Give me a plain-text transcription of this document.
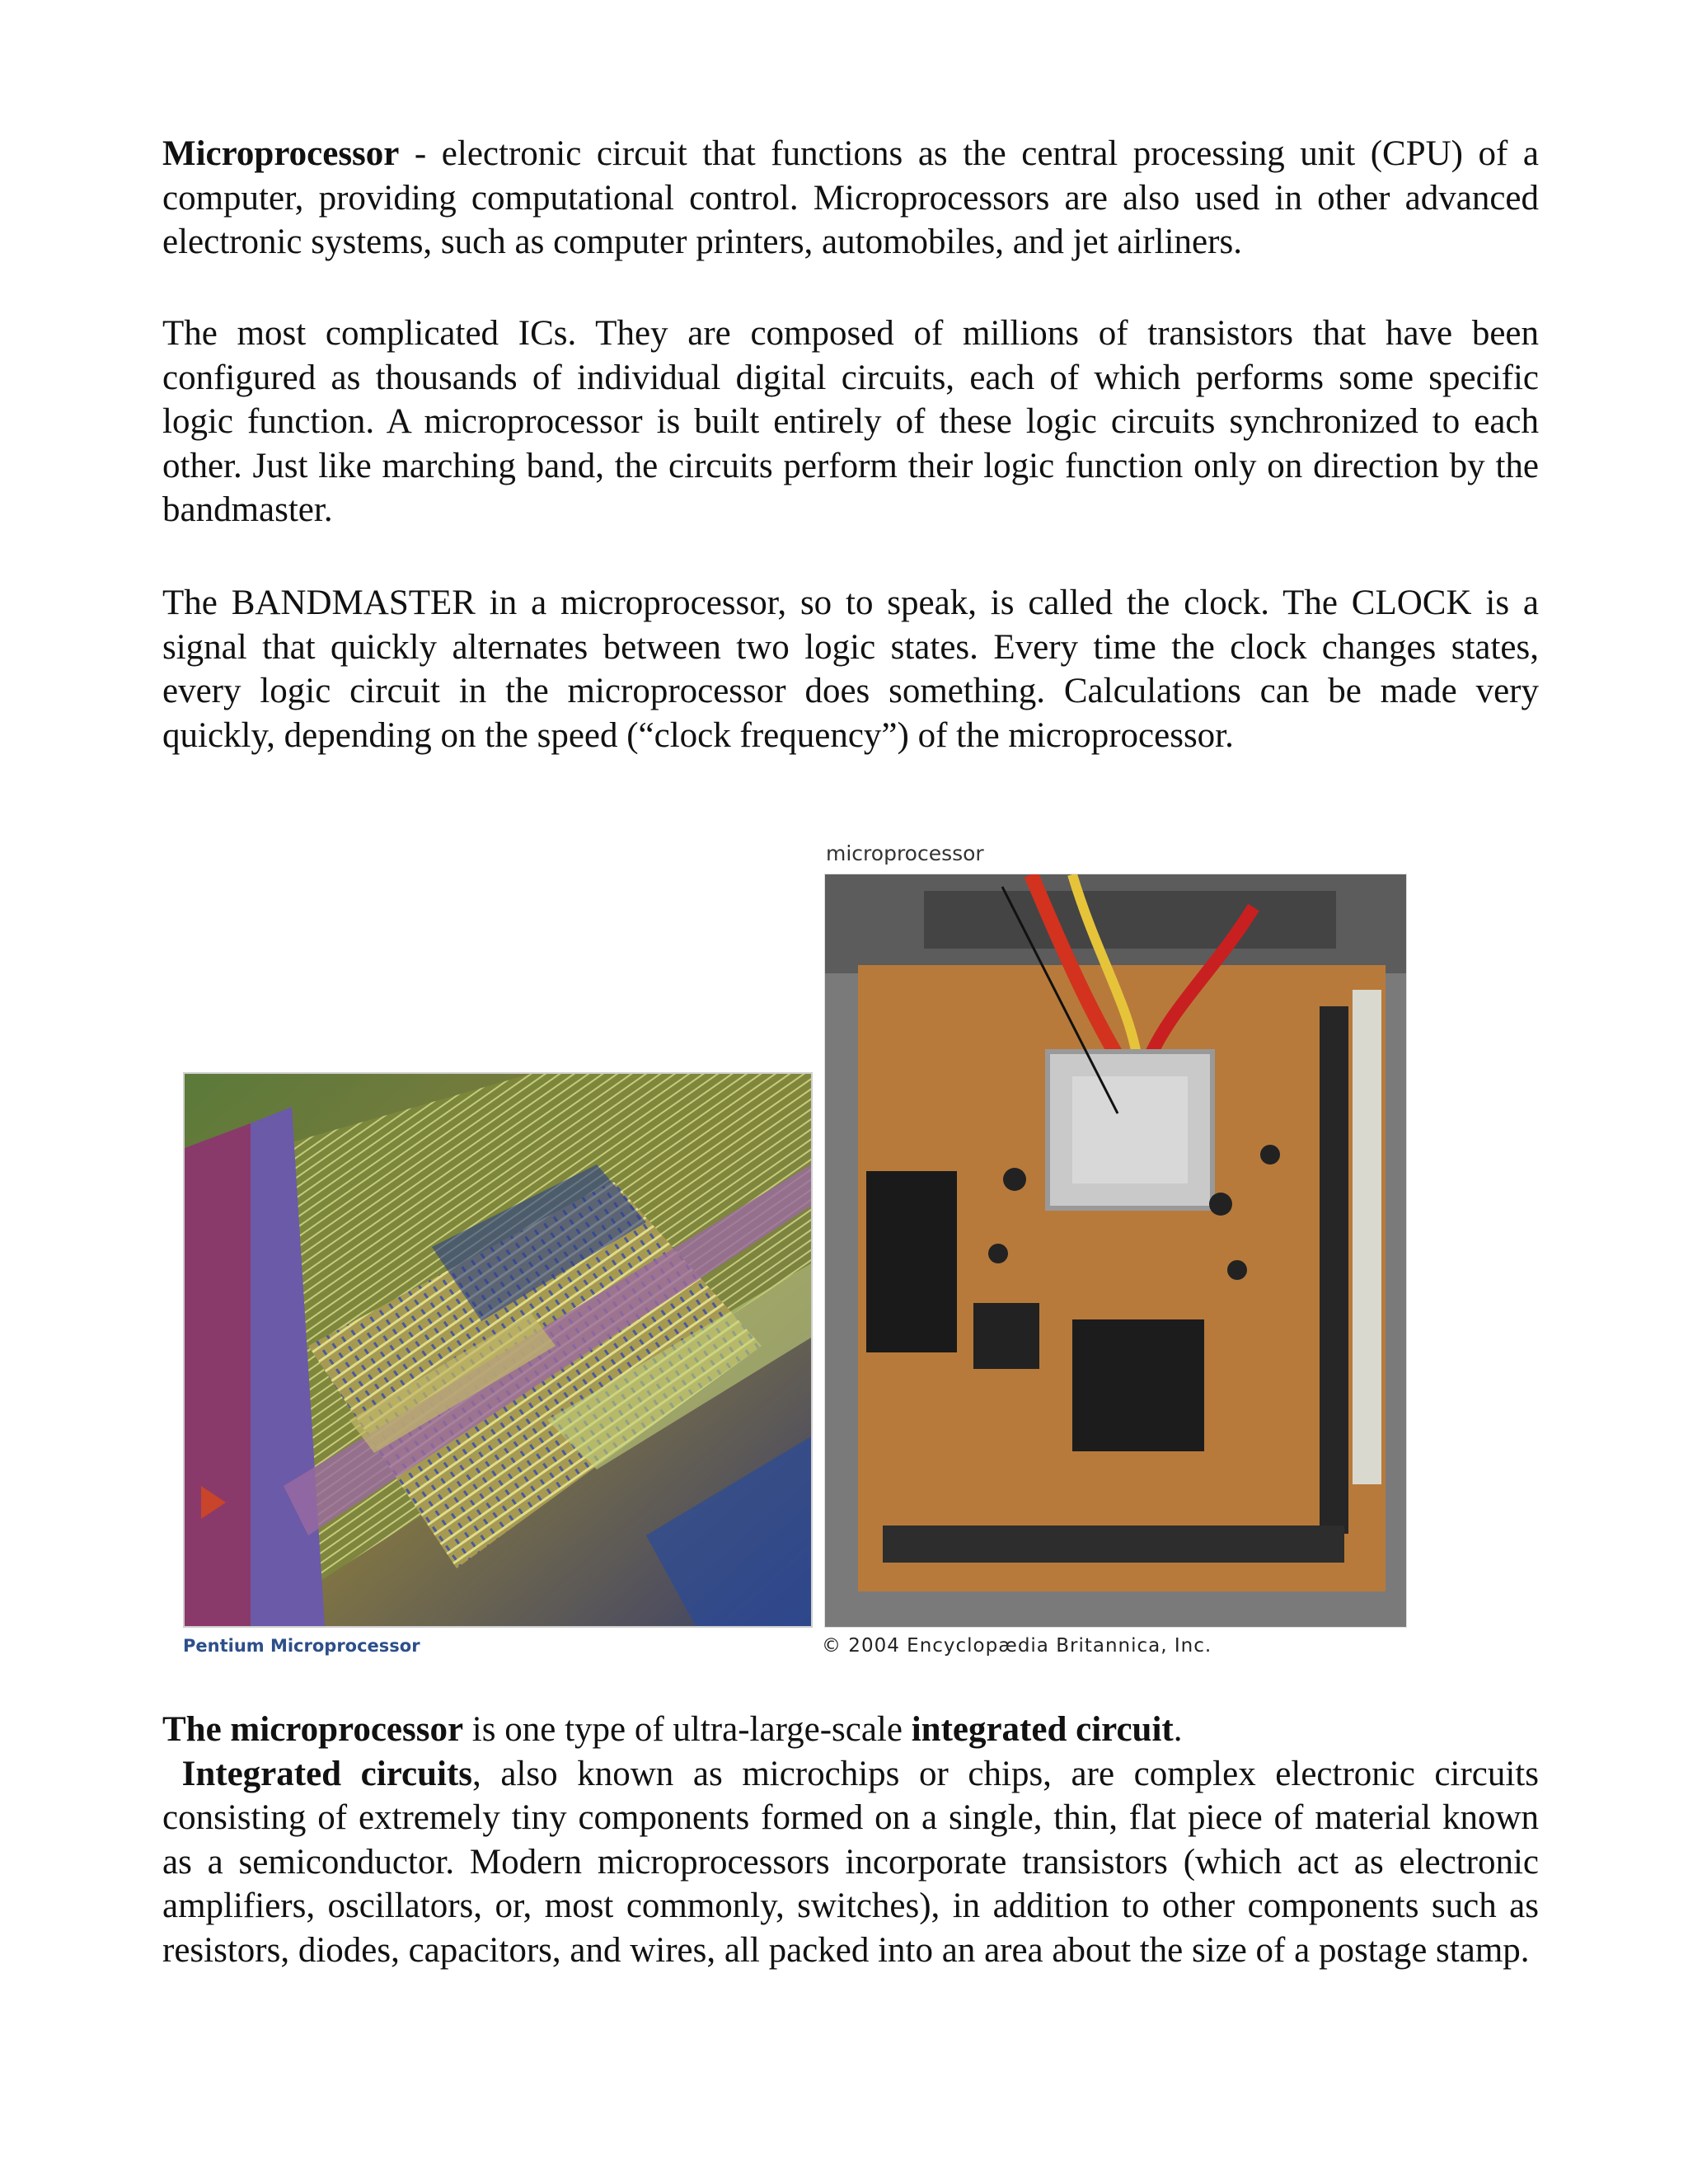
Microprocessor - electronic circuit that functions as the central processing unit (CPU) of a computer, providing computational control. Microprocessors are also used in other advanced electronic systems, such as computer printers, automobiles, and jet airliners.

The most complicated ICs. They are composed of millions of transistors that have been configured as thousands of individual digital circuits, each of which performs some specific logic function. A microprocessor is built entirely of these logic circuits synchronized to each other. Just like marching band, the circuits perform their logic function only on direction by the bandmaster.

The BANDMASTER in a microprocessor, so to speak, is called the clock. The CLOCK is a signal that quickly alternates between two logic states. Every time the clock changes states, every logic circuit in the microprocessor does something. Calculations can be made very quickly, depending on the speed (“clock frequency”) of the microprocessor.

microprocessor
Pentium Microprocessor	© 2004 Encyclopædia Britannica, Inc.

The microprocessor is one type of ultra-large-scale integrated circuit.
Integrated circuits, also known as microchips or chips, are complex electronic circuits consisting of extremely tiny components formed on a single, thin, flat piece of material known as a semiconductor. Modern microprocessors incorporate transistors (which act as electronic amplifiers, oscillators, or, most commonly, switches), in addition to other components such as resistors, diodes, capacitors, and wires, all packed into an area about the size of a postage stamp.
